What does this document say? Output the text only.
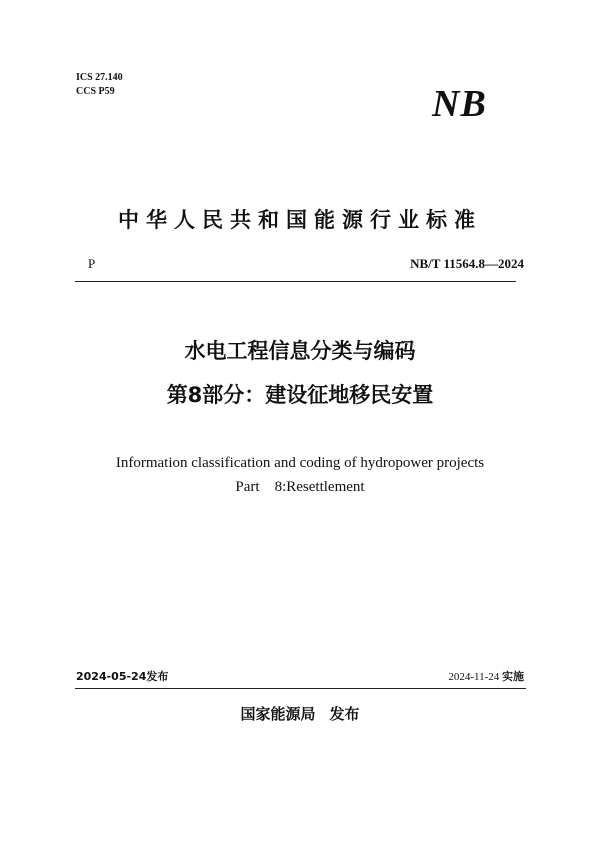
ICS 27.140
CCS P59	NB
中华人民共和国能源行业标准
P	NB/T 11564.8—2024
水电工程信息分类与编码
第8部分：建设征地移民安置
Information classification and coding of hydropower projects
Part    8:Resettlement
2024-05-24发布	2024-11-24 实施
国家能源局 发布
